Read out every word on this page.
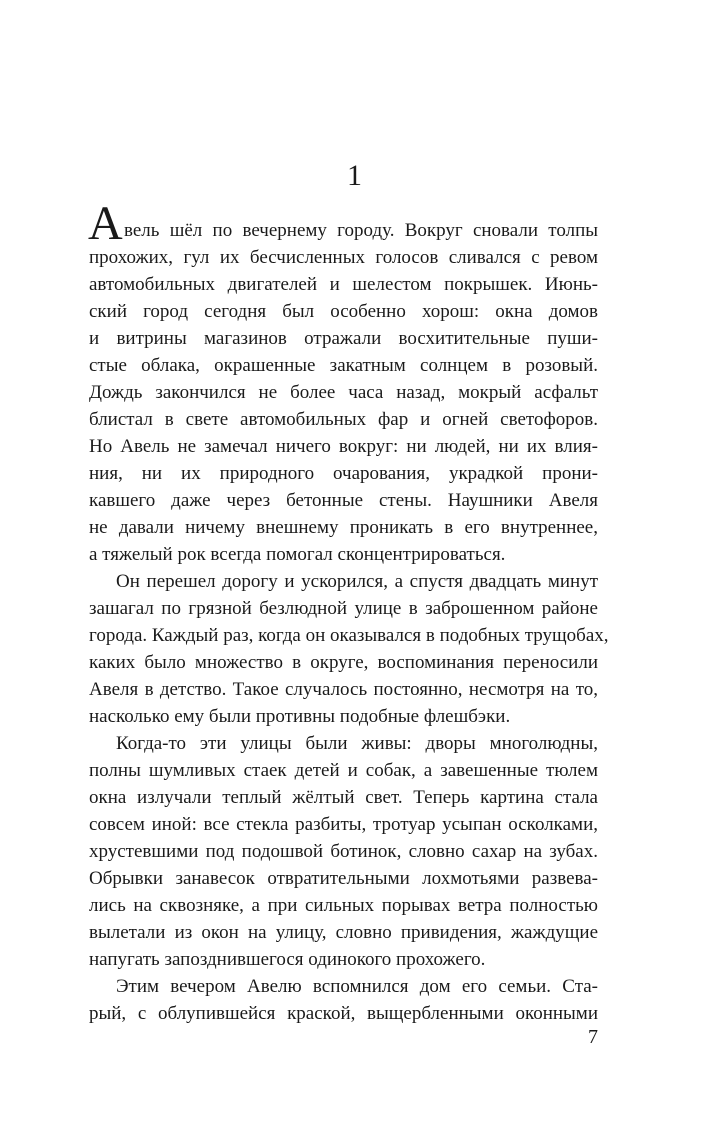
1
А вель шёл по вечернему городу. Вокруг сновали толпы
прохожих, гул их бесчисленных голосов сливался с ревом
автомобильных двигателей и шелестом покрышек. Июнь-
ский город сегодня был особенно хорош: окна домов
и витрины магазинов отражали восхитительные пуши-
стые облака, окрашенные закатным солнцем в розовый.
Дождь закончился не более часа назад, мокрый асфальт
блистал в свете автомобильных фар и огней светофоров.
Но Авель не замечал ничего вокруг: ни людей, ни их влия-
ния, ни их природного очарования, украдкой прони-
кавшего даже через бетонные стены. Наушники Авеля
не давали ничему внешнему проникать в его внутреннее,
а тяжелый рок всегда помогал сконцентрироваться.
Он перешел дорогу и ускорился, а спустя двадцать минут
зашагал по грязной безлюдной улице в заброшенном районе
города. Каждый раз, когда он оказывался в подобных трущобах,
каких было множество в округе, воспоминания переносили
Авеля в детство. Такое случалось постоянно, несмотря на то,
насколько ему были противны подобные флешбэки.
Когда-то эти улицы были живы: дворы многолюдны,
полны шумливых стаек детей и собак, а завешенные тюлем
окна излучали теплый жёлтый свет. Теперь картина стала
совсем иной: все стекла разбиты, тротуар усыпан осколками,
хрустевшими под подошвой ботинок, словно сахар на зубах.
Обрывки занавесок отвратительными лохмотьями развева-
лись на сквозняке, а при сильных порывах ветра полностью
вылетали из окон на улицу, словно привидения, жаждущие
напугать запозднившегося одинокого прохожего.
Этим вечером Авелю вспомнился дом его семьи. Ста-
рый, с облупившейся краской, выщербленными оконными
7
